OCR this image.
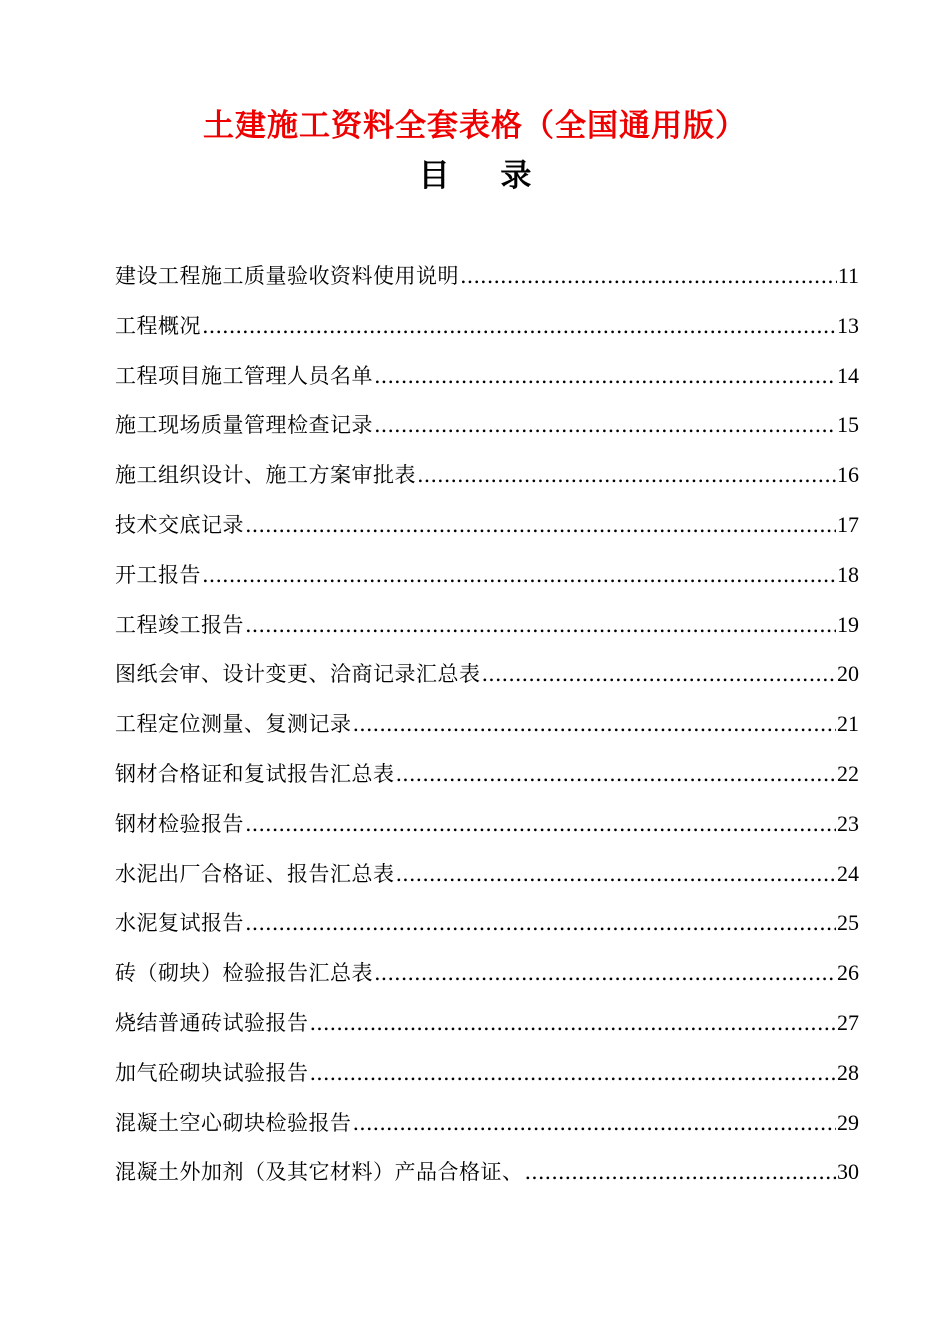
土建施工资料全套表格（全国通用版）
目 录
建设工程施工质量验收资料使用说明 .....	11
工程概况 .....	13
工程项目施工管理人员名单 .....	14
施工现场质量管理检查记录 .....	15
施工组织设计、施工方案审批表 .....	16
技术交底记录 .....	17
开工报告 .....	18
工程竣工报告 .....	19
图纸会审、设计变更、洽商记录汇总表 .....	20
工程定位测量、复测记录 .....	21
钢材合格证和复试报告汇总表 .....	22
钢材检验报告 .....	23
水泥出厂合格证、报告汇总表 .....	24
水泥复试报告 .....	25
砖（砌块）检验报告汇总表 .....	26
烧结普通砖试验报告 .....	27
加气砼砌块试验报告 .....	28
混凝土空心砌块检验报告 .....	29
混凝土外加剂（及其它材料）产品合格证、 .....	30
